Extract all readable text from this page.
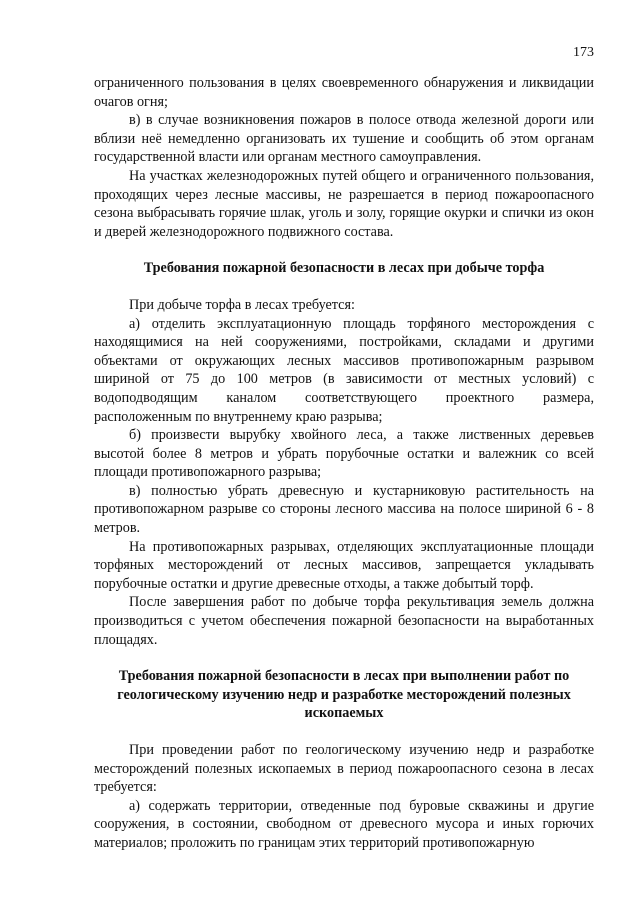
173

ограниченного пользования в целях своевременного обнаружения и ликвидации очагов огня;

в) в случае возникновения пожаров в полосе отвода железной дороги или вблизи неё немедленно организовать их тушение и сообщить об этом органам государственной власти или органам местного самоуправления.

На участках железнодорожных путей общего и ограниченного пользования, проходящих через лесные массивы, не разрешается в период пожароопасного сезона выбрасывать горячие шлак, уголь и золу, горящие окурки и спички из окон и дверей железнодорожного подвижного состава.

Требования пожарной безопасности в лесах при добыче торфа

При добыче торфа в лесах требуется:

а) отделить эксплуатационную площадь торфяного месторождения с находящимися на ней сооружениями, постройками, складами и другими объектами от окружающих лесных массивов противопожарным разрывом шириной от 75 до 100 метров (в зависимости от местных условий) с водоподводящим каналом соответствующего проектного размера, расположенным по внутреннему краю разрыва;

б) произвести вырубку хвойного леса, а также лиственных деревьев высотой более 8 метров и убрать порубочные остатки и валежник со всей площади противопожарного разрыва;

в) полностью убрать древесную и кустарниковую растительность на противопожарном разрыве со стороны лесного массива на полосе шириной 6 - 8 метров.

На противопожарных разрывах, отделяющих эксплуатационные площади торфяных месторождений от лесных массивов, запрещается укладывать порубочные остатки и другие древесные отходы, а также добытый торф.

После завершения работ по добыче торфа рекультивация земель должна производиться с учетом обеспечения пожарной безопасности на выработанных площадях.

Требования пожарной безопасности в лесах при выполнении работ по геологическому изучению недр и разработке месторождений полезных ископаемых

При проведении работ по геологическому изучению недр и разработке месторождений полезных ископаемых в период пожароопасного сезона в лесах требуется:

а) содержать территории, отведенные под буровые скважины и другие сооружения, в состоянии, свободном от древесного мусора и иных горючих материалов; проложить по границам этих территорий противопожарную
